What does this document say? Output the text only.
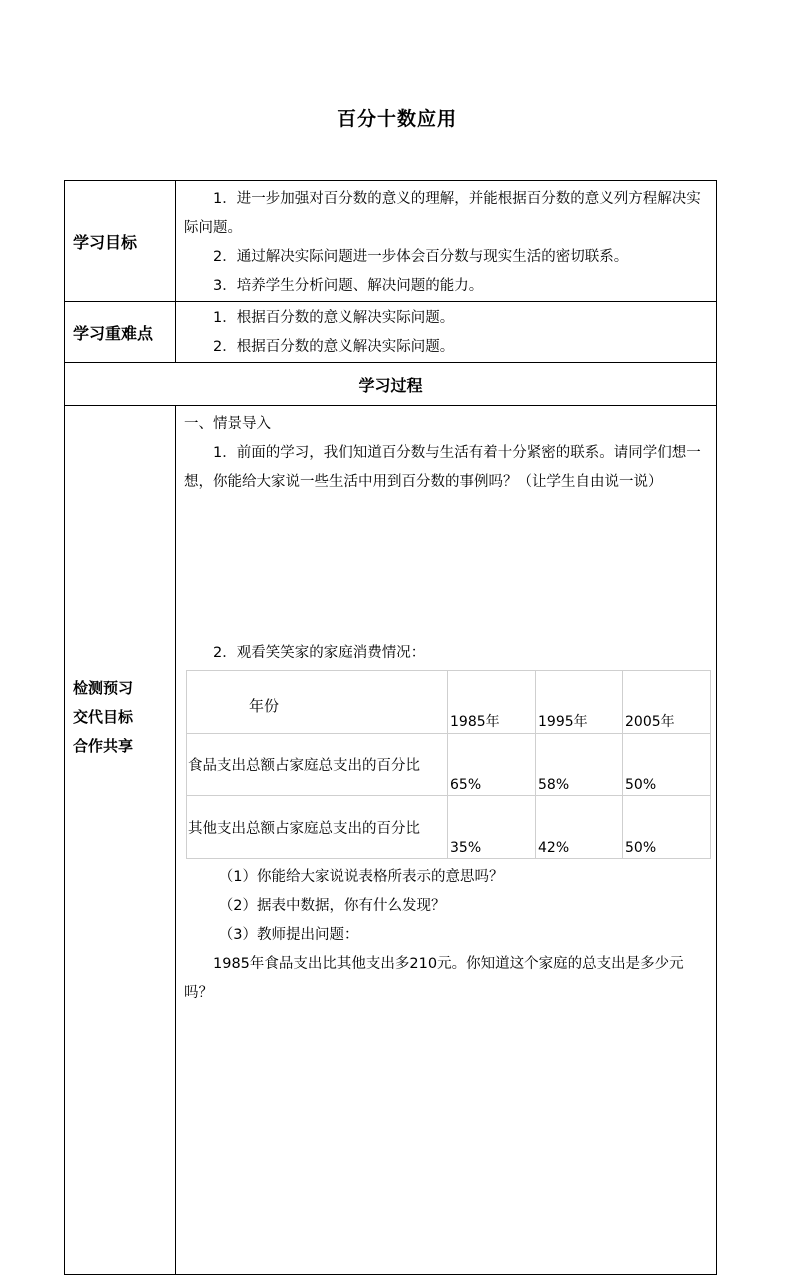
百分十数应用
学习目标	

1．进一步加强对百分数的意义的理解，并能根据百分数的意义列方程解决实际问题。

2．通过解决实际问题进一步体会百分数与现实生活的密切联系。

3．培养学生分析问题、解决问题的能力。

学习重难点	

1．根据百分数的意义解决实际问题。

2．根据百分数的意义解决实际问题。

学习过程

检测预习
交代目标
合作共享

一、情景导入

1．前面的学习，我们知道百分数与生活有着十分紧密的联系。请同学们想一想，你能给大家说一些生活中用到百分数的事例吗？（让学生自由说一说）

2．观看笑笑家的家庭消费情况：

年份	1985年	1995年	2005年
食品支出总额占家庭总支出的百分比	65%	58%	50%
其他支出总额占家庭总支出的百分比	35%	42%	50%

（1）你能给大家说说表格所表示的意思吗？

（2）据表中数据，你有什么发现？

（3）教师提出问题：

1985年食品支出比其他支出多210元。你知道这个家庭的总支出是多少元吗？
